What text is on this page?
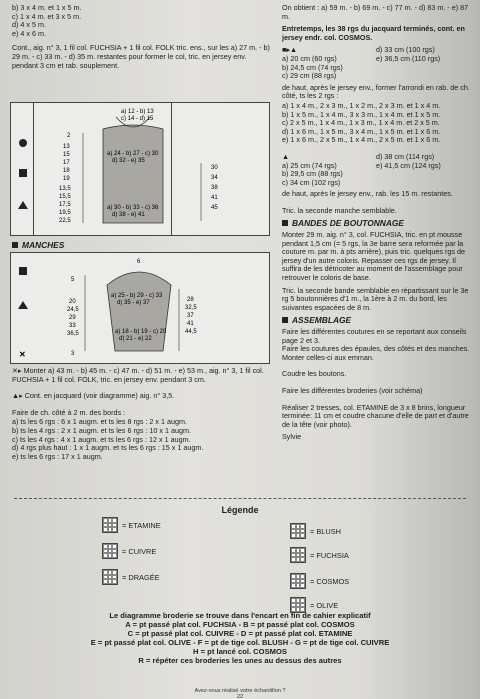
b) 3 x 4 m. et 1 x 5 m.
c) 1 x 4 m. et 3 x 5 m.
d) 4 x 5 m.
e) 4 x 6 m.

Cont., aig. n° 3, 1 fil col. FUCHSIA + 1 fil col. FOLK tric. ens., sur les a) 27 m. - b) 29 m. - c) 33 m. - d) 35 m. restantes pour former le col, tric. en jersey env. pendant 3 cm et rab. souplement.

a) 12 - b) 13
c) 14 - d) 15
a) 24 - b) 27 - c) 30
d) 32 - e) 35
a) 30 - b) 33 - c) 36
d) 38 - e) 41
2
13
15
17
18
19
13,5
15,5
17,5
19,5
22,5
30
34
38
41
45
MANCHES
✕
6
a) 25 - b) 29 - c) 33
d) 35 - e) 37
a) 18 - b) 19 - c) 20
d) 21 - e) 22
5
20
24,5
29
33
36,5
3
28
32,5
37
41
44,5

✕▸ Monter a) 43 m. - b) 45 m. - c) 47 m. - d) 51 m. - e) 53 m., aig. n° 3, 1 fil col. FUCHSIA + 1 fil col. FOLK, tric. en jersey env. pendant 3 cm.

▲▸ Cont. en jacquard (voir diagramme) aig. n° 3,5.

Faire de ch. côté à 2 m. des bords :

a) ts les 6 rgs : 6 x 1 augm. et ts les 8 rgs : 2 x 1 augm.
b) ts les 4 rgs : 2 x 1 augm. et ts les 6 rgs : 10 x 1 augm.
c) ts les 4 rgs : 4 x 1 augm. et ts les 6 rgs : 12 x 1 augm.
d) 4 rgs plus haut : 1 x 1 augm. et ts les 6 rgs : 15 x 1 augm.
e) ts les 6 rgs : 17 x 1 augm.

On obtient : a) 59 m. - b) 69 m. - c) 77 m. - d) 83 m. - e) 87 m.

Entretemps, les 38 rgs du jacquard terminés, cont. en jersey endr. col. COSMOS.

■▸▲
a) 20 cm (60 rgs)
b) 24,5 cm (74 rgs)
c) 29 cm (88 rgs)
d) 33 cm (100 rgs)
e) 36,5 cm (110 rgs)

de haut, après le jersey env., former l'arrondi en rab. de ch. côté, ts les 2 rgs :

a) 1 x 4 m., 2 x 3 m., 1 x 2 m., 2 x 3 m. et 1 x 4 m.
b) 1 x 5 m., 1 x 4 m., 3 x 3 m., 1 x 4 m. et 1 x 5 m.
c) 2 x 5 m., 1 x 4 m., 1 x 3 m., 1 x 4 m. et 2 x 5 m.
d) 1 x 6 m., 1 x 5 m., 3 x 4 m., 1 x 5 m. et 1 x 6 m.
e) 1 x 6 m., 2 x 5 m., 1 x 4 m., 2 x 5 m. et 1 x 6 m.
▲
a) 25 cm (74 rgs)
b) 29,5 cm (88 rgs)
c) 34 cm (102 rgs)
d) 38 cm (114 rgs)
e) 41,5 cm (124 rgs)

de haut, après le jersey env., rab. les 15 m. restantes.

Tric. la seconde manche semblable.

BANDES DE BOUTONNAGE

Monter 29 m. aig. n° 3, col. FUCHSIA, tric. en pt mousse pendant 1,5 cm (= 5 rgs, la 3e barre sera reformée par la couture m. par m. à pts arrière), puis tric. quelques rgs de jersey d'un autre coloris. Repasser ces rgs de jersey. Il suffira de les détricoter au moment de l'assemblage pour retrouver le coloris de base.

Tric. la seconde bande semblable en répartissant sur le 3e rg 5 boutonnières d'1 m., la 1ère à 2 m. du bord, les suivantes espacées de 8 m.

ASSEMBLAGE
Faire les différentes coutures en se reportant aux conseils page 2 et 3.
Faire les coutures des épaules, des côtés et des manches.
Monter celles-ci aux emman.

Coudre les boutons.

Faire les différentes broderies (voir schéma)

Réaliser 2 tresses, col. ETAMINE de 3 x 8 brins, longueur terminée: 11 cm et coudre chacune d'elle de part et d'autre de la tête (voir photo).

Sylvie

Légende
= ETAMINE
= CUIVRE
= DRAGÉE
= BLUSH
= FUCHSIA
= COSMOS
= OLIVE
Le diagramme broderie se trouve dans l'encart en fin de cahier explicatif
A = pt passé plat col. FUCHSIA - B = pt passé plat col. COSMOS
C = pt passé plat col. CUIVRE - D = pt passé plat col. ETAMINE
E = pt passé plat col. OLIVE - F = pt de tige col. BLUSH - G = pt de tige col. CUIVRE
H = pt lancé col. COSMOS
R = répéter ces broderies les unes au dessus des autres
Avez-vous réalisé votre échantillon ?
22
